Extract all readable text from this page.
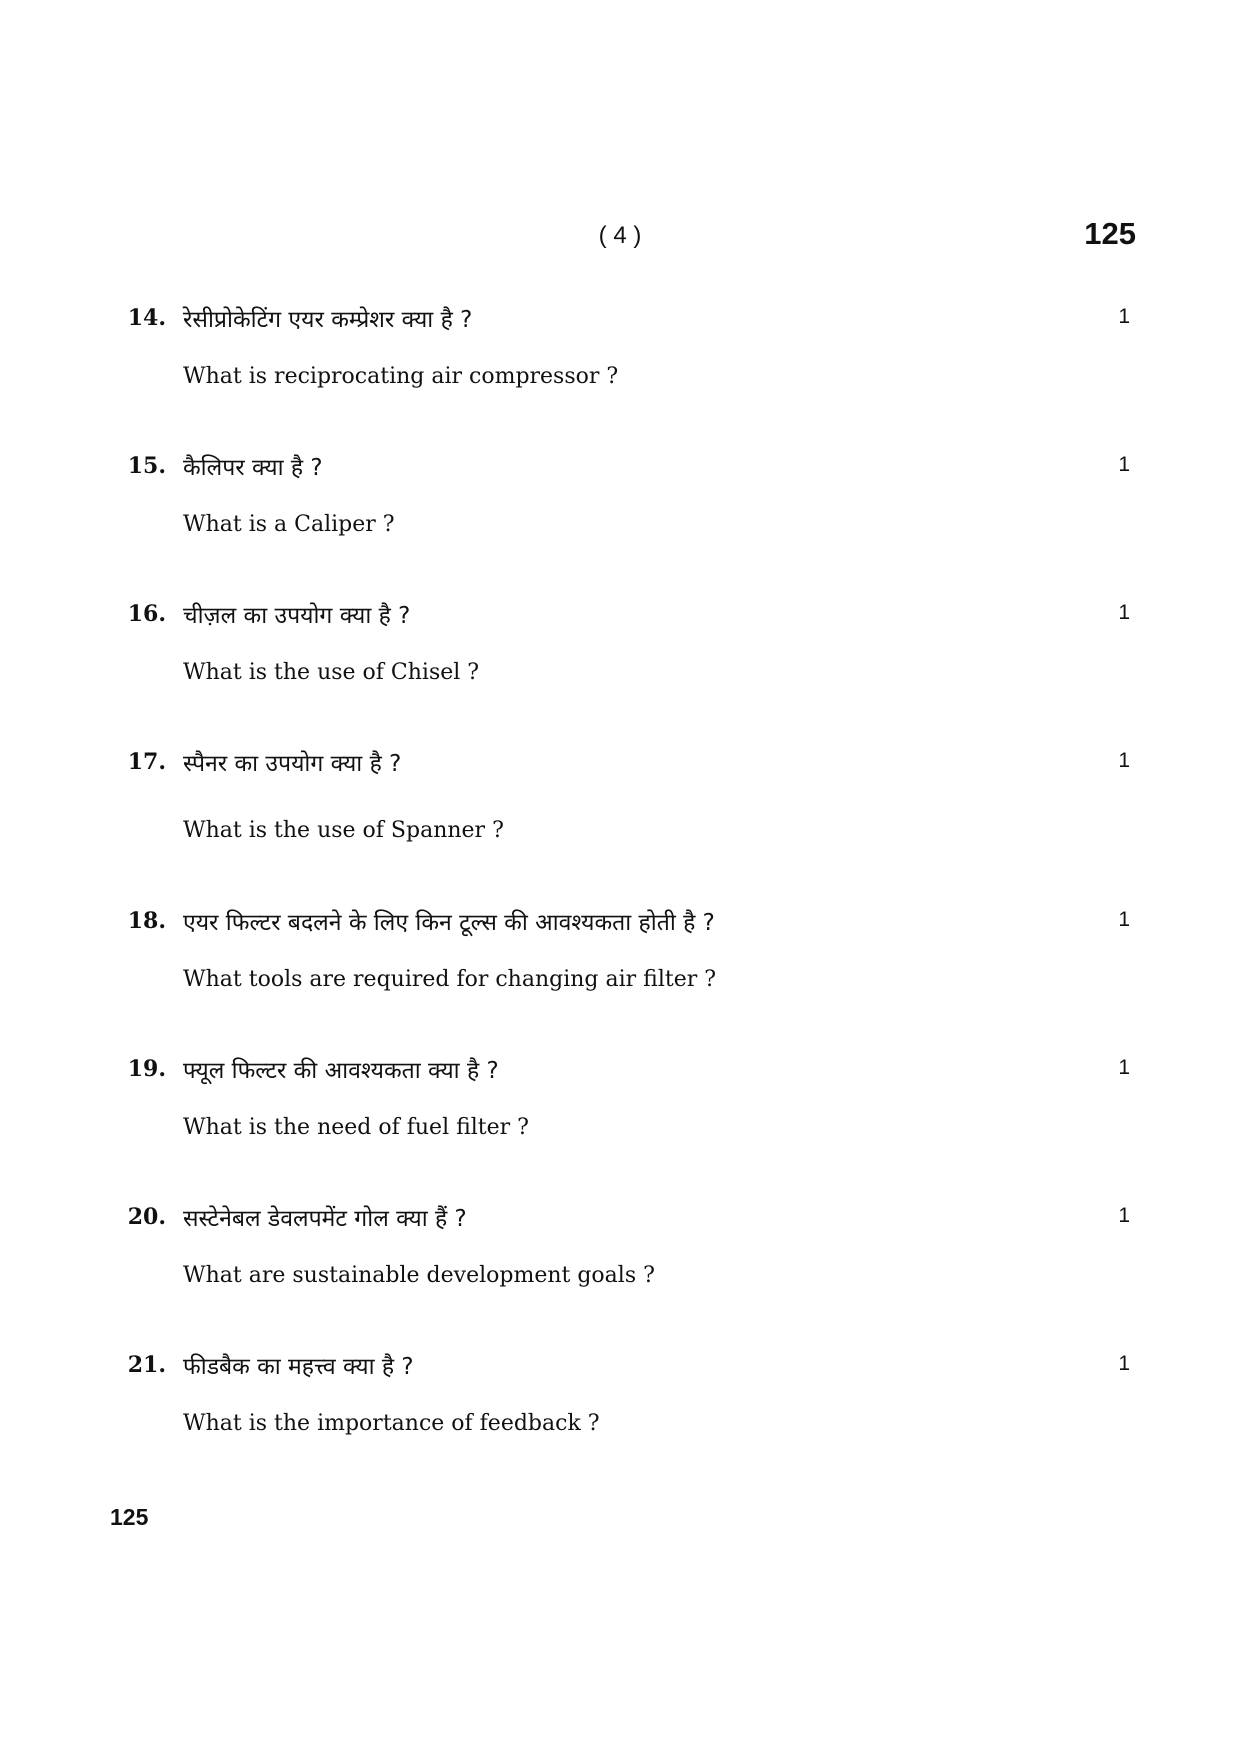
( 4 )	125
14. रेसीप्रोकेटिंग एयर कम्प्रेशर क्या है ?	1
What is reciprocating air compressor ?
15. कैलिपर क्या है ?	1
What is a Caliper ?
16. चीज़ल का उपयोग क्या है ?	1
What is the use of Chisel ?
17. स्पैनर का उपयोग क्या है ?	1
What is the use of Spanner ?
18. एयर फिल्टर बदलने के लिए किन टूल्स की आवश्यकता होती है ?	1
What tools are required for changing air filter ?
19. फ्यूल फिल्टर की आवश्यकता क्या है ?	1
What is the need of fuel filter ?
20. सस्टेनेबल डेवलपमेंट गोल क्या हैं ?	1
What are sustainable development goals ?
21. फीडबैक का महत्त्व क्या है ?	1
What is the importance of feedback ?
125
